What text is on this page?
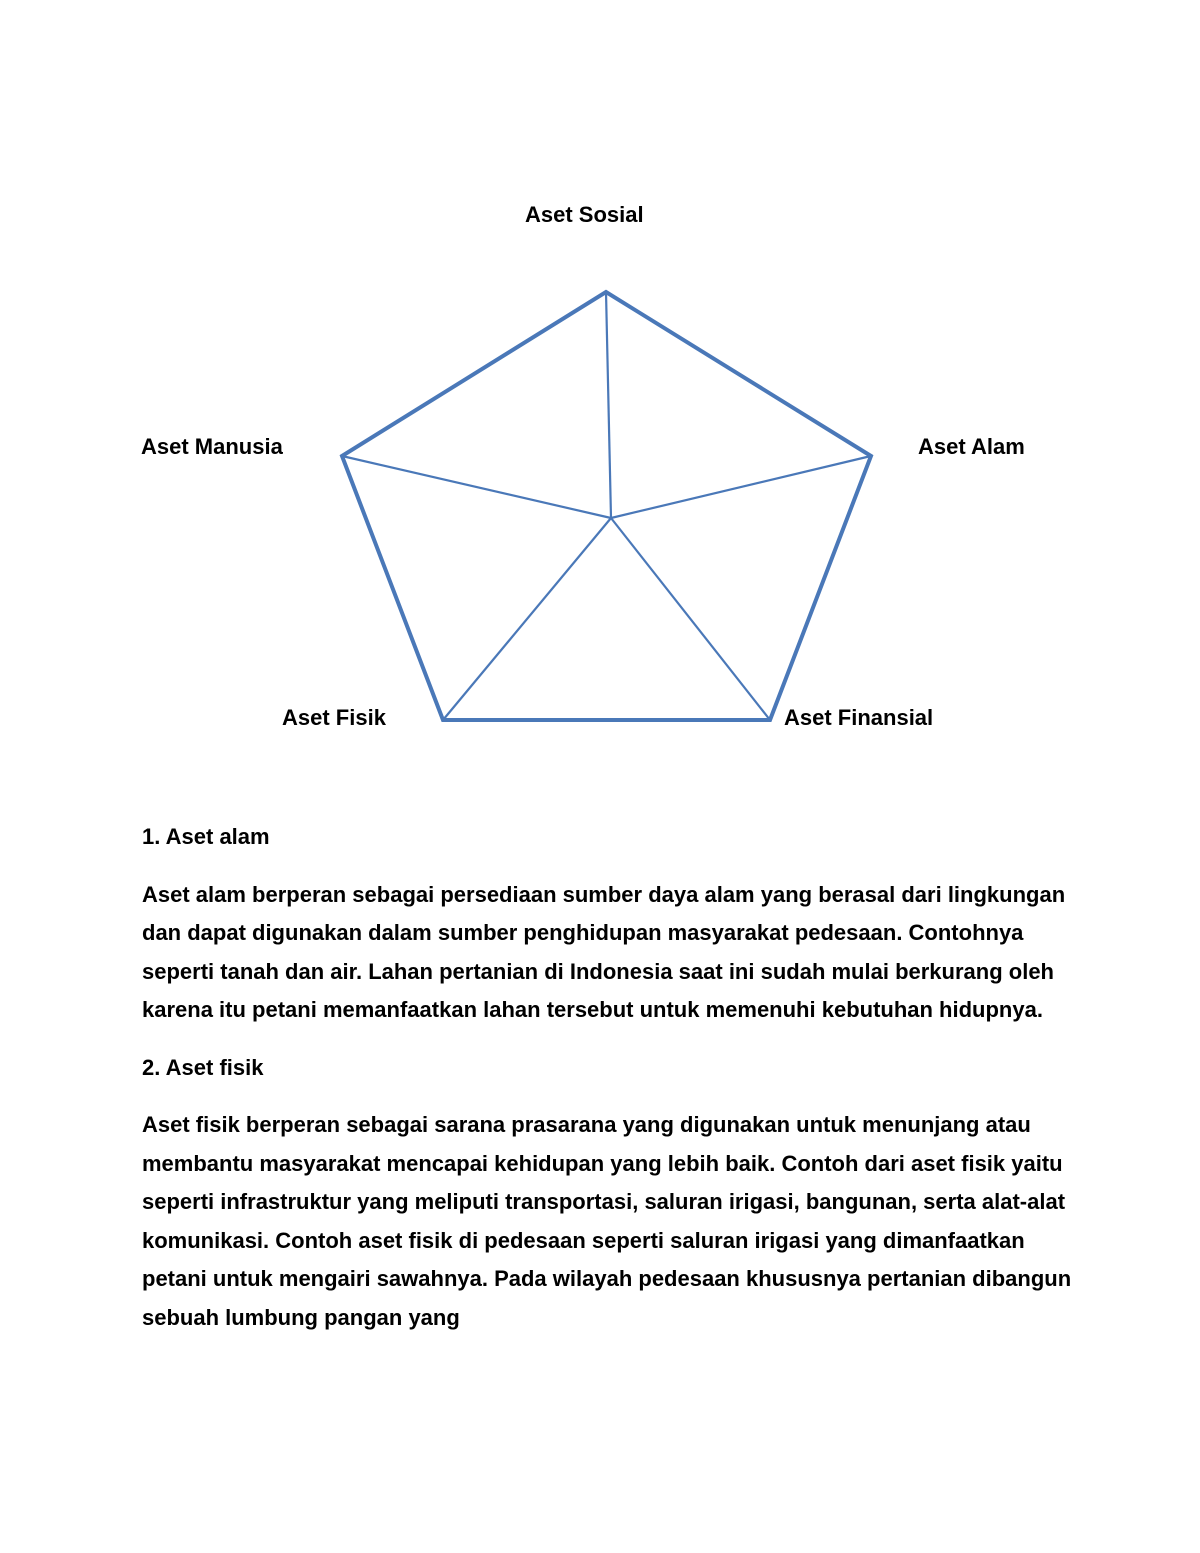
Aset Sosial
Aset Manusia	Aset Alam
Aset Fisik	Aset Finansial
1. Aset alam

Aset alam berperan sebagai persediaan sumber daya alam yang berasal dari lingkungan dan dapat digunakan dalam sumber penghidupan masyarakat pedesaan. Contohnya seperti tanah dan air. Lahan pertanian di Indonesia saat ini sudah mulai berkurang oleh karena itu petani memanfaatkan lahan tersebut untuk memenuhi kebutuhan hidupnya.

2. Aset fisik

Aset fisik berperan sebagai sarana prasarana yang digunakan untuk menunjang atau membantu masyarakat mencapai kehidupan yang lebih baik. Contoh dari aset fisik yaitu seperti infrastruktur yang meliputi transportasi, saluran irigasi, bangunan, serta alat-alat komunikasi. Contoh aset fisik di pedesaan seperti saluran irigasi yang dimanfaatkan petani untuk mengairi sawahnya. Pada wilayah pedesaan khususnya pertanian dibangun sebuah lumbung pangan yang
